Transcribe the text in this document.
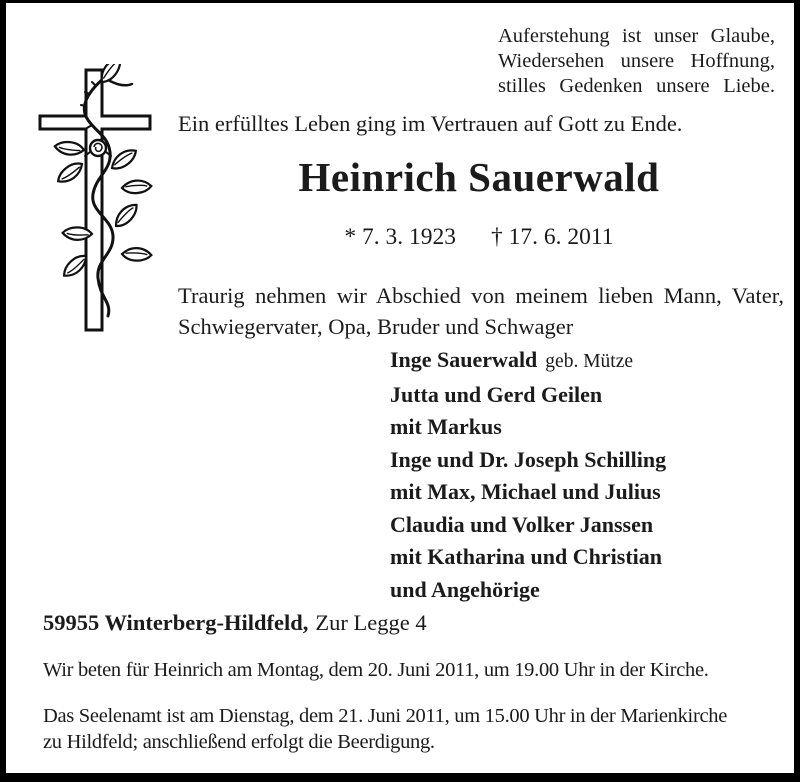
Auferstehung ist unser Glaube,
Wiedersehen unsere Hoffnung,
stilles Gedenken unsere Liebe.
Ein erfülltes Leben ging im Vertrauen auf Gott zu Ende.
Heinrich Sauerwald
* 7. 3. 1923 † 17. 6. 2011
Traurig nehmen wir Abschied von meinem lieben Mann, Vater,
Schwiegervater, Opa, Bruder und Schwager
Inge Sauerwald geb. Mütze
Jutta und Gerd Geilen
mit Markus
Inge und Dr. Joseph Schilling
mit Max, Michael und Julius
Claudia und Volker Janssen
mit Katharina und Christian
und Angehörige
59955 Winterberg-Hildfeld, Zur Legge 4
Wir beten für Heinrich am Montag, dem 20. Juni 2011, um 19.00 Uhr in der Kirche.
Das Seelenamt ist am Dienstag, dem 21. Juni 2011, um 15.00 Uhr in der Marienkirche
zu Hildfeld; anschließend erfolgt die Beerdigung.
